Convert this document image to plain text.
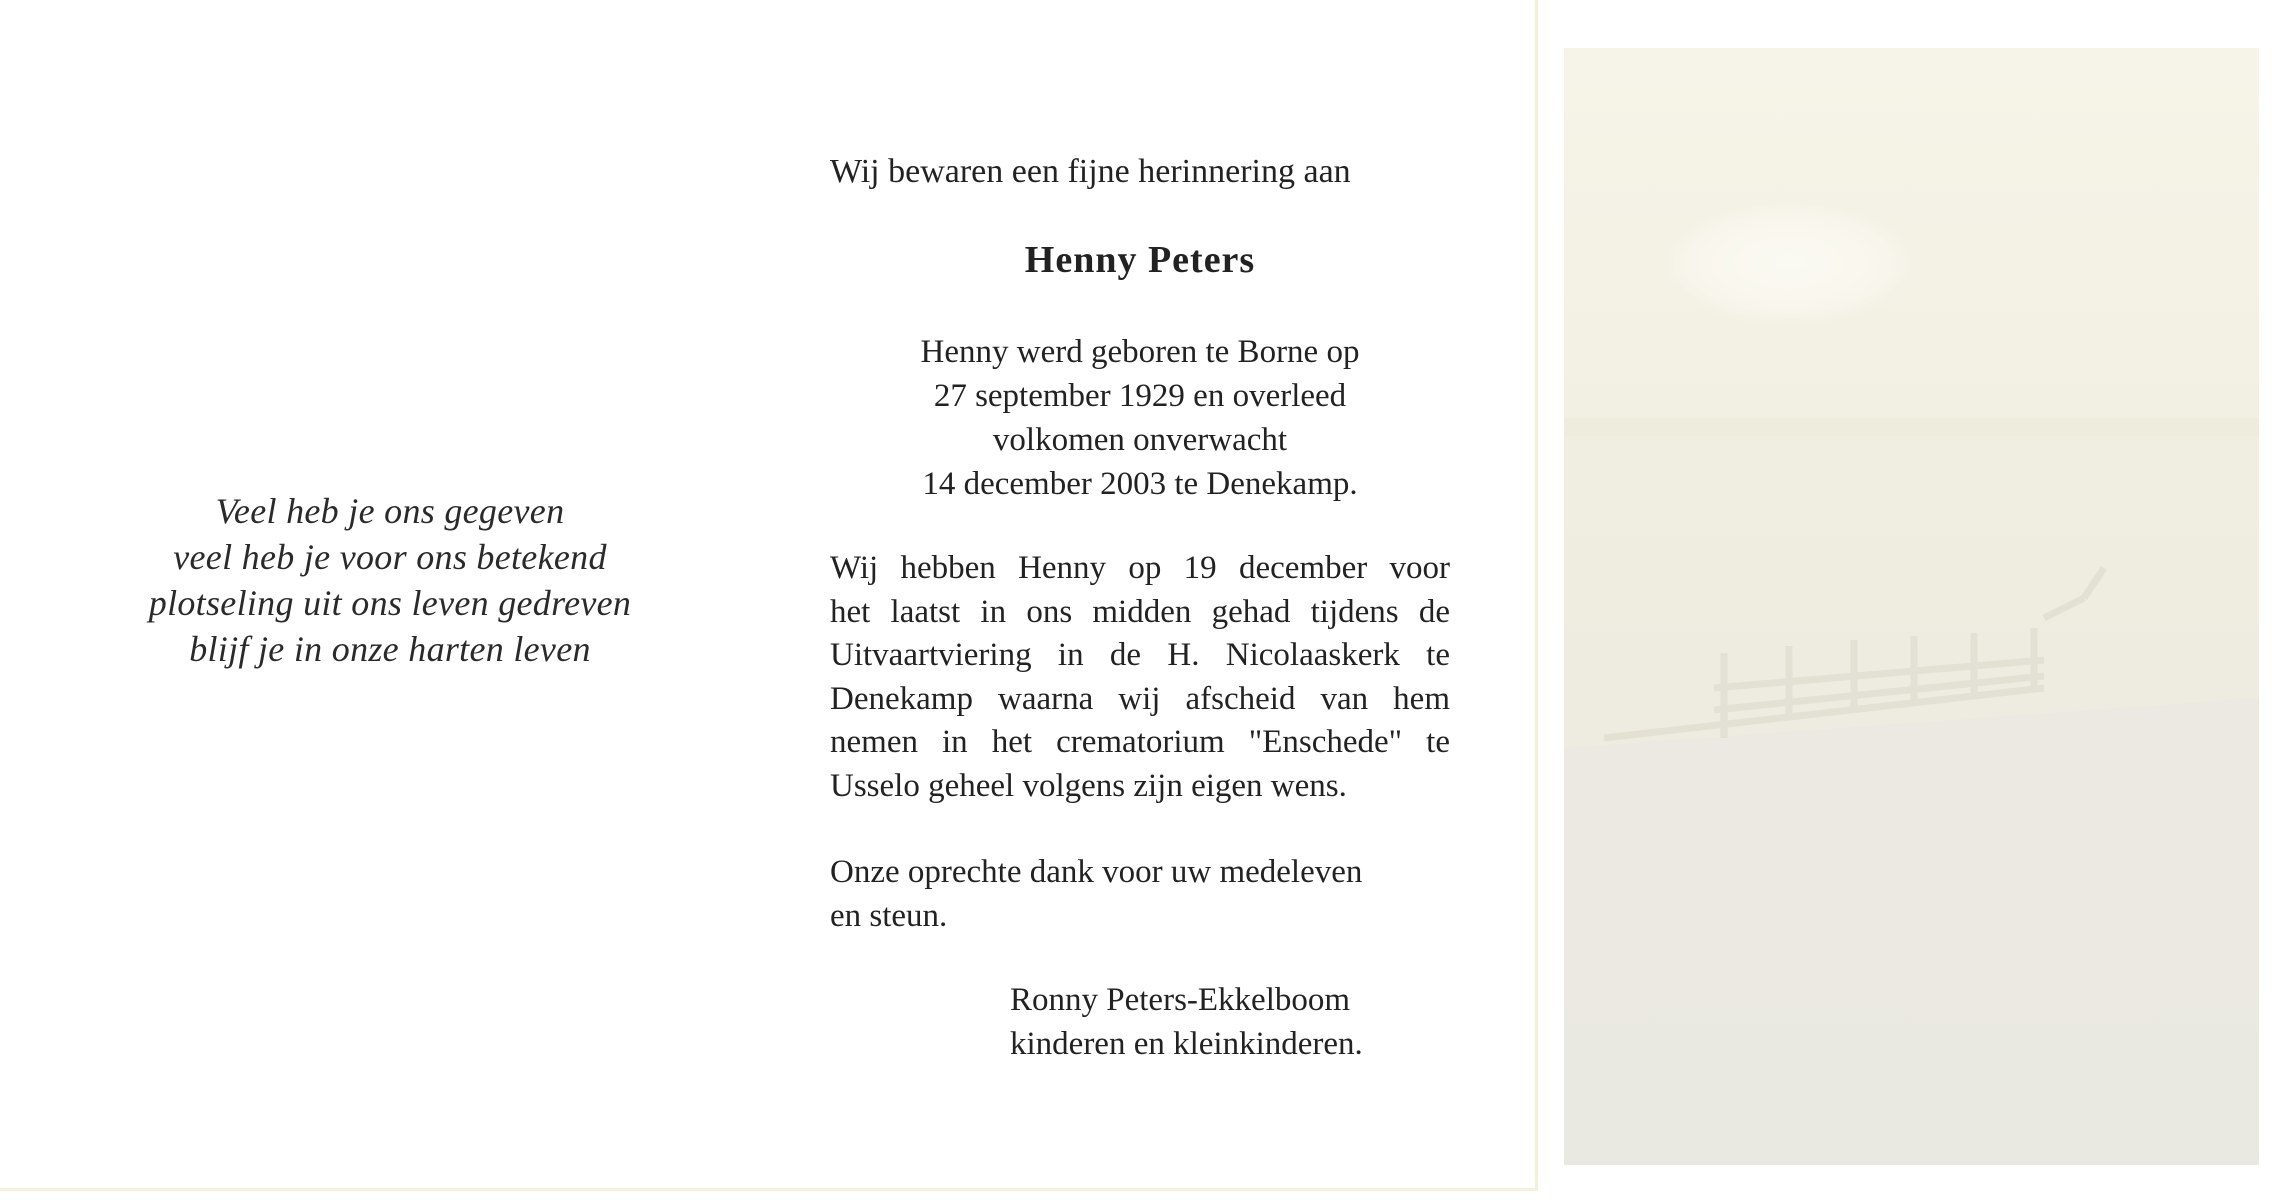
Veel heb je ons gegeven
veel heb je voor ons betekend
plotseling uit ons leven gedreven
blijf je in onze harten leven
Wij bewaren een fijne herinnering aan
Henny Peters
Henny werd geboren te Borne op
27 september 1929 en overleed
volkomen onverwacht
14 december 2003 te Denekamp.
Wij hebben Henny op 19 december voor
het laatst in ons midden gehad tijdens de
Uitvaartviering in de H. Nicolaaskerk te
Denekamp waarna wij afscheid van hem
nemen in het crematorium "Enschede" te
Usselo geheel volgens zijn eigen wens.
Onze oprechte dank voor uw medeleven
en steun.
Ronny Peters-Ekkelboom
kinderen en kleinkinderen.
